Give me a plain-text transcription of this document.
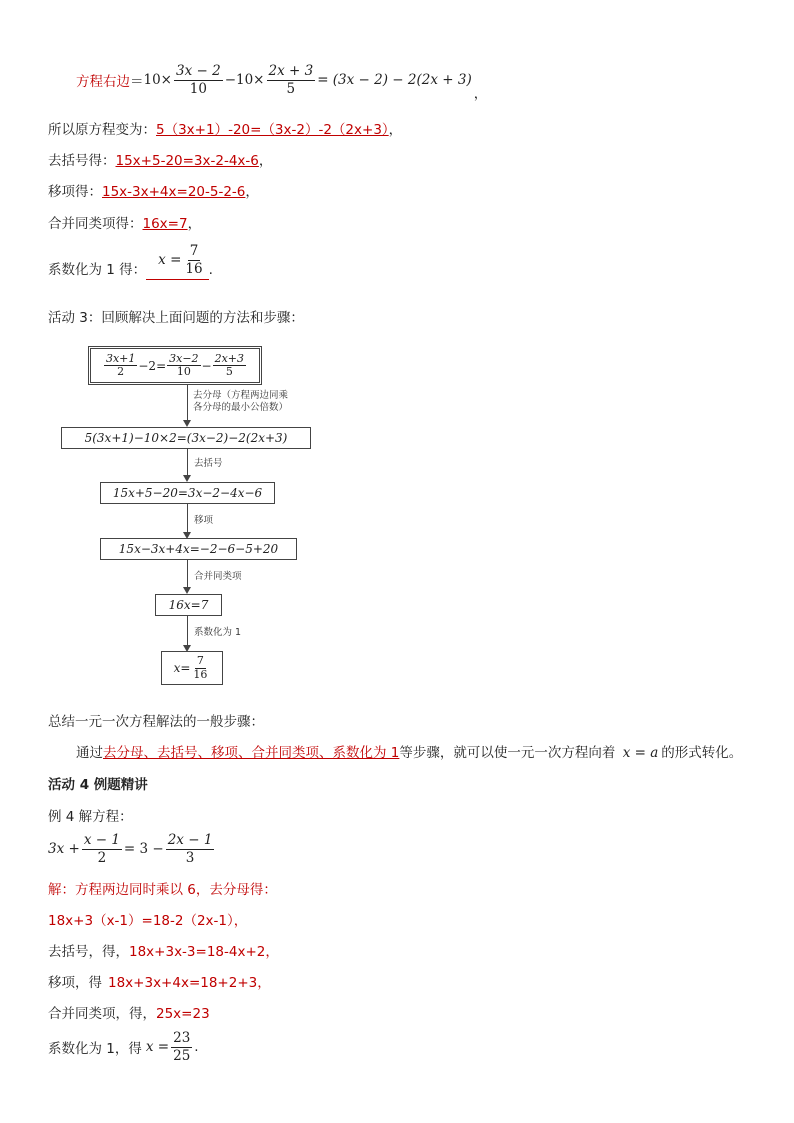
方程右边 ＝ $10\times \frac{3x - 2}{10} -10\times \frac{2x + 3}{5} = (3x - 2) - 2(2x + 3)$
，
所以原方程变为：5（3x+1）-20=（3x-2）-2（2x+3），
去括号得：15x+5-20=3x-2-4x-6，
移项得：15x-3x+4x=20-5-2-6，
合并同类项得：16x=7，
系数化为 1 得：
$x = \frac{7}{16}$ .
活动 3：回顾解决上面问题的方法和步骤：
$\frac{3x+1}{2} -2= \frac{3x-2}{10} - \frac{2x+3}{5}$
去分母（方程两边同乘
各分母的最小公倍数）
5(3x+1)−10×2=(3x−2)−2(2x+3)
去括号
15x+5−20=3x−2−4x−6
移项
15x−3x+4x=−2−6−5+20
合并同类项
16x=7
系数化为 1
$x= \frac{7}{16}$
总结一元一次方程解法的一般步骤：
通过去分母、去括号、移项、合并同类项、系数化为 1等步骤，就可以使一元一次方程向着 x = a 的形式转化。
活动 4 例题精讲
例 4 解方程：
$3x + \frac{x - 1}{2} = 3 - \frac{2x - 1}{3}$
解：方程两边同时乘以 6，去分母得：
18x+3（x-1）=18-2（2x-1），
去括号，得，18x+3x-3=18-4x+2，
移项，得 18x+3x+4x=18+2+3，
合并同类项，得，25x=23
系数化为 1，得 $x = \frac{23}{25}$ .
